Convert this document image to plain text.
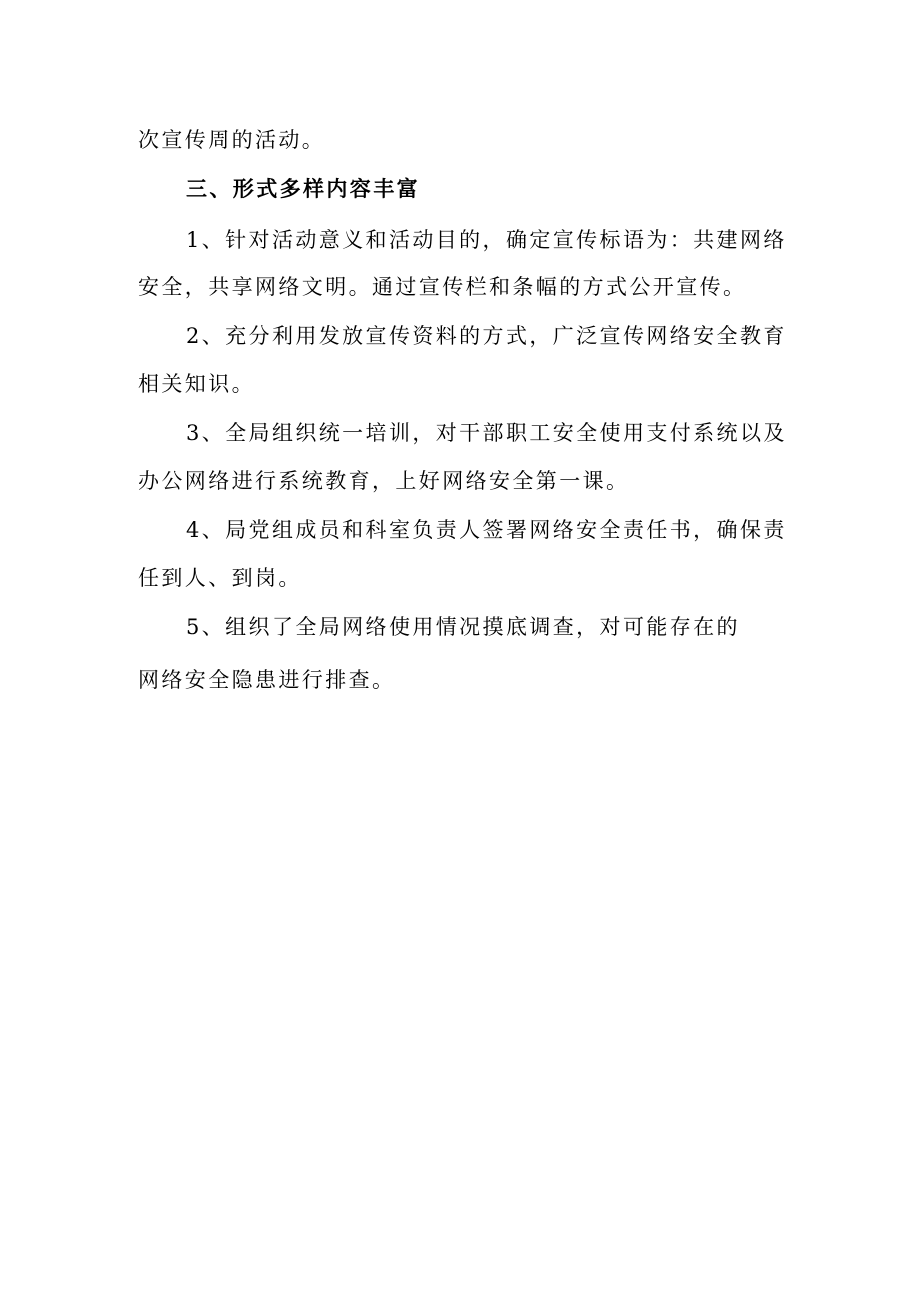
次宣传周的活动。
三、形式多样内容丰富
1、针对活动意义和活动目的，确定宣传标语为：共建网络
安全，共享网络文明。通过宣传栏和条幅的方式公开宣传。
2、充分利用发放宣传资料的方式，广泛宣传网络安全教育
相关知识。
3、全局组织统一培训，对干部职工安全使用支付系统以及
办公网络进行系统教育，上好网络安全第一课。
4、局党组成员和科室负责人签署网络安全责任书，确保责
任到人、到岗。
5、组织了全局网络使用情况摸底调查，对可能存在的
网络安全隐患进行排查。
